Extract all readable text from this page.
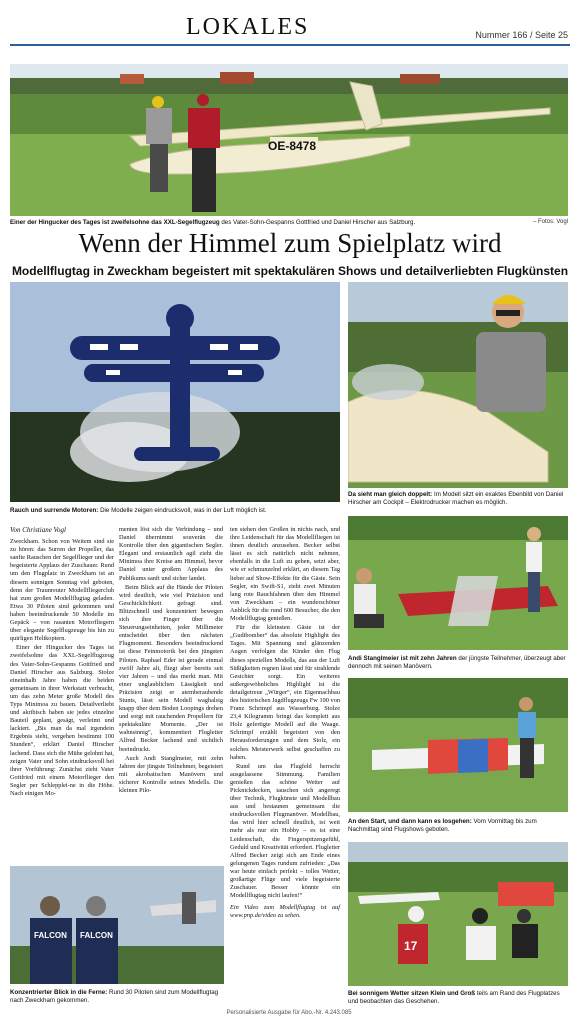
LOKALES	Nummer 166 / Seite 25
OE-8478
Einer der Hingucker des Tages ist zweifelsohne das XXL-Segelflugzeug des Vater-Sohn-Gespanns Gottfried und Daniel Hirscher aus Salzburg.	– Fotos: Vogl
Wenn der Himmel zum Spielplatz wird
Modellflugtag in Zweckham begeistert mit spektakulären Shows und detailverliebten Flugkünsten
Rauch und surrende Motoren: Die Modelle zeigen eindrucksvoll, was in der Luft möglich ist.
Da sieht man gleich doppelt: Im Modell sitzt ein exaktes Ebenbild von Daniel Hirscher am Cockpit – Elektrodrucker machen es möglich.
Andi Stanglmeier ist mit zehn Jahren der jüngste Teilnehmer, überzeugt aber dennoch mit seinen Manövern.
An den Start, und dann kann es losgehen: Vom Vormittag bis zum Nachmittag sind Flugshows geboten.
17
Bei sonnigem Wetter sitzen Klein und Groß teils am Rand des Flugplatzes und beobachten das Geschehen.
Von Christiane Vogl

Zweckham. Schon von Weitem sind sie zu hören: das Surren der Propeller, das sanfte Rauschen der Segelflieger und der begeisterte Applaus der Zuschauer. Rund um den Flugplatz in Zweckham ist an diesem sonnigen Sonntag viel geboten, denn der Traunreuter Modellfliegerclub hat zum großen Modellflugtag geladen. Etwa 30 Piloten sind gekommen und haben beeindruckende 50 Modelle im Gepäck – von rasanten Motorfliegern über elegante Segelflugzeuge bis hin zu quirligen Helikoptern.

Einer der Hingucker des Tages ist zweifelsohne das XXL-Segelflugzeug des Vater-Sohn-Gespanns Gottfried und Daniel Hirscher aus Salzburg. Stolze eineinhalb Jahre haben die beiden gemeinsam in ihrer Werkstatt verbracht, um das zehn Meter große Modell des Typs Minimoa zu bauen. Detailverliebt und akribisch haben sie jedes einzelne Bauteil geplant, gesägt, verleimt und lackiert. „Bis man da mal irgendein Ergebnis sieht, vergehen bestimmt 100 Stunden“, erklärt Daniel Hirscher lachend. Dass sich die Mühe gelohnt hat, zeigen Vater und Sohn eindrucksvoll bei ihrer Vorführung: Zunächst zieht Vater Gottfried mit einem Motorflieger den Segler per Schlepplei-ne in die Höhe. Nach einigen Mo-

menten löst sich die Verbindung – und Daniel übernimmt souverän die Kontrolle über den gigantischen Segler. Elegant und erstaunlich agil zieht die Minimoa ihre Kreise am Himmel, bevor Daniel unter großem Applaus des Publikums sanft und sicher landet.

Beim Blick auf die Hände der Piloten wird deutlich, wie viel Präzision und Geschicklichkeit gefragt sind. Blitzschnell und konzentriert bewegen sich ihre Finger über die Steuerungseinheiten, jeder Millimeter entscheidet über den nächsten Flugmoment. Besonders beeindruckend ist diese Feinmotorik bei den jüngsten Piloten. Raphael Eder ist gerade einmal zwölf Jahre alt, fliegt aber bereits seit vier Jahren – und das merkt man. Mit einer unglaublichen Lässigkeit und Präzision zeigt er atemberaubende Stunts, lässt sein Modell waghalsig knapp über dem Boden Loopings drehen und sorgt mit rauchenden Propellern für spektakuläre Momente. „Der ist wahnsinnig“, kommentiert Flugleiter Alfred Becker lachend und sichtlich beeindruckt.

Auch Andi Stanglmeier, mit zehn Jahren der jüngste Teilnehmer, begeistert mit akrobatischen Manövern und sicherer Kontrolle seines Modells. Die kleinen Pilo-

ten stehen den Großen in nichts nach, und ihre Leidenschaft für das Modellfliegen ist ihnen deutlich anzusehen. Becker selbst lässt es sich natürlich nicht nehmen, ebenfalls in die Luft zu gehen, setzt aber, wie er schmunzelnd erklärt, an diesem Tag lieber auf Show-Effekte für die Gäste. Sein Segler, ein Swift-S1, zieht zwei Minuten lang rote Rauchfahnen über den Himmel von Zweckham – ein wunderschöner Anblick für die rund 600 Besucher, die den Modellflugtag genießen.

Für die kleinsten Gäste ist der „Gudibomber“ das absolute Highlight des Tages. Mit Spannung und glänzenden Augen verfolgen die Kinder den Flug dieses speziellen Modells, das aus der Luft Süßigkeiten regnen lässt und für strahlende Gesichter sorgt. Ein weiteres außergewöhnliches Highlight ist die detailgetreue „Würger“, ein Eigennachbau des historischen Jagdflugzeugs Fw 190 von Franz Schrimpf aus Wasserburg. Stolze 23,4 Kilogramm bringt das komplett aus Holz gefertigte Modell auf die Waage. Schrimpf erzählt begeistert von den Herausforderungen und dem Stolz, ein solches Meisterwerk selbst geschaffen zu haben.

Rund um das Flugfeld herrscht ausgelassene Stimmung. Familien genießen das schöne Wetter auf Picknickdecken, tauschen sich angeregt über Technik, Flugkünste und Modellbau aus und bestaunen gemeinsam die eindrucksvollen Flugmanöver. Modellbau, das wird hier schnell deutlich, ist weit mehr als nur ein Hobby – es ist eine Leidenschaft, die Fingerspitzengefühl, Geduld und Kreativität erfordert. Flugleiter Alfred Becker zeigt sich am Ende eines gelungenen Tages rundum zufrieden: „Das war heute einfach perfekt – tolles Wetter, großartige Flüge und viele begeisterte Zuschauer. Besser könnte ein Modellflugtag nicht laufen!“

Ein Video zum Modellflugtag ist auf www.pnp.de/video zu sehen.
FALCON FALCON
Konzentrierter Blick in die Ferne: Rund 30 Piloten sind zum Modellflugtag nach Zweckham gekommen.
Personalisierte Ausgabe für Abo.-Nr. 4.243.085
